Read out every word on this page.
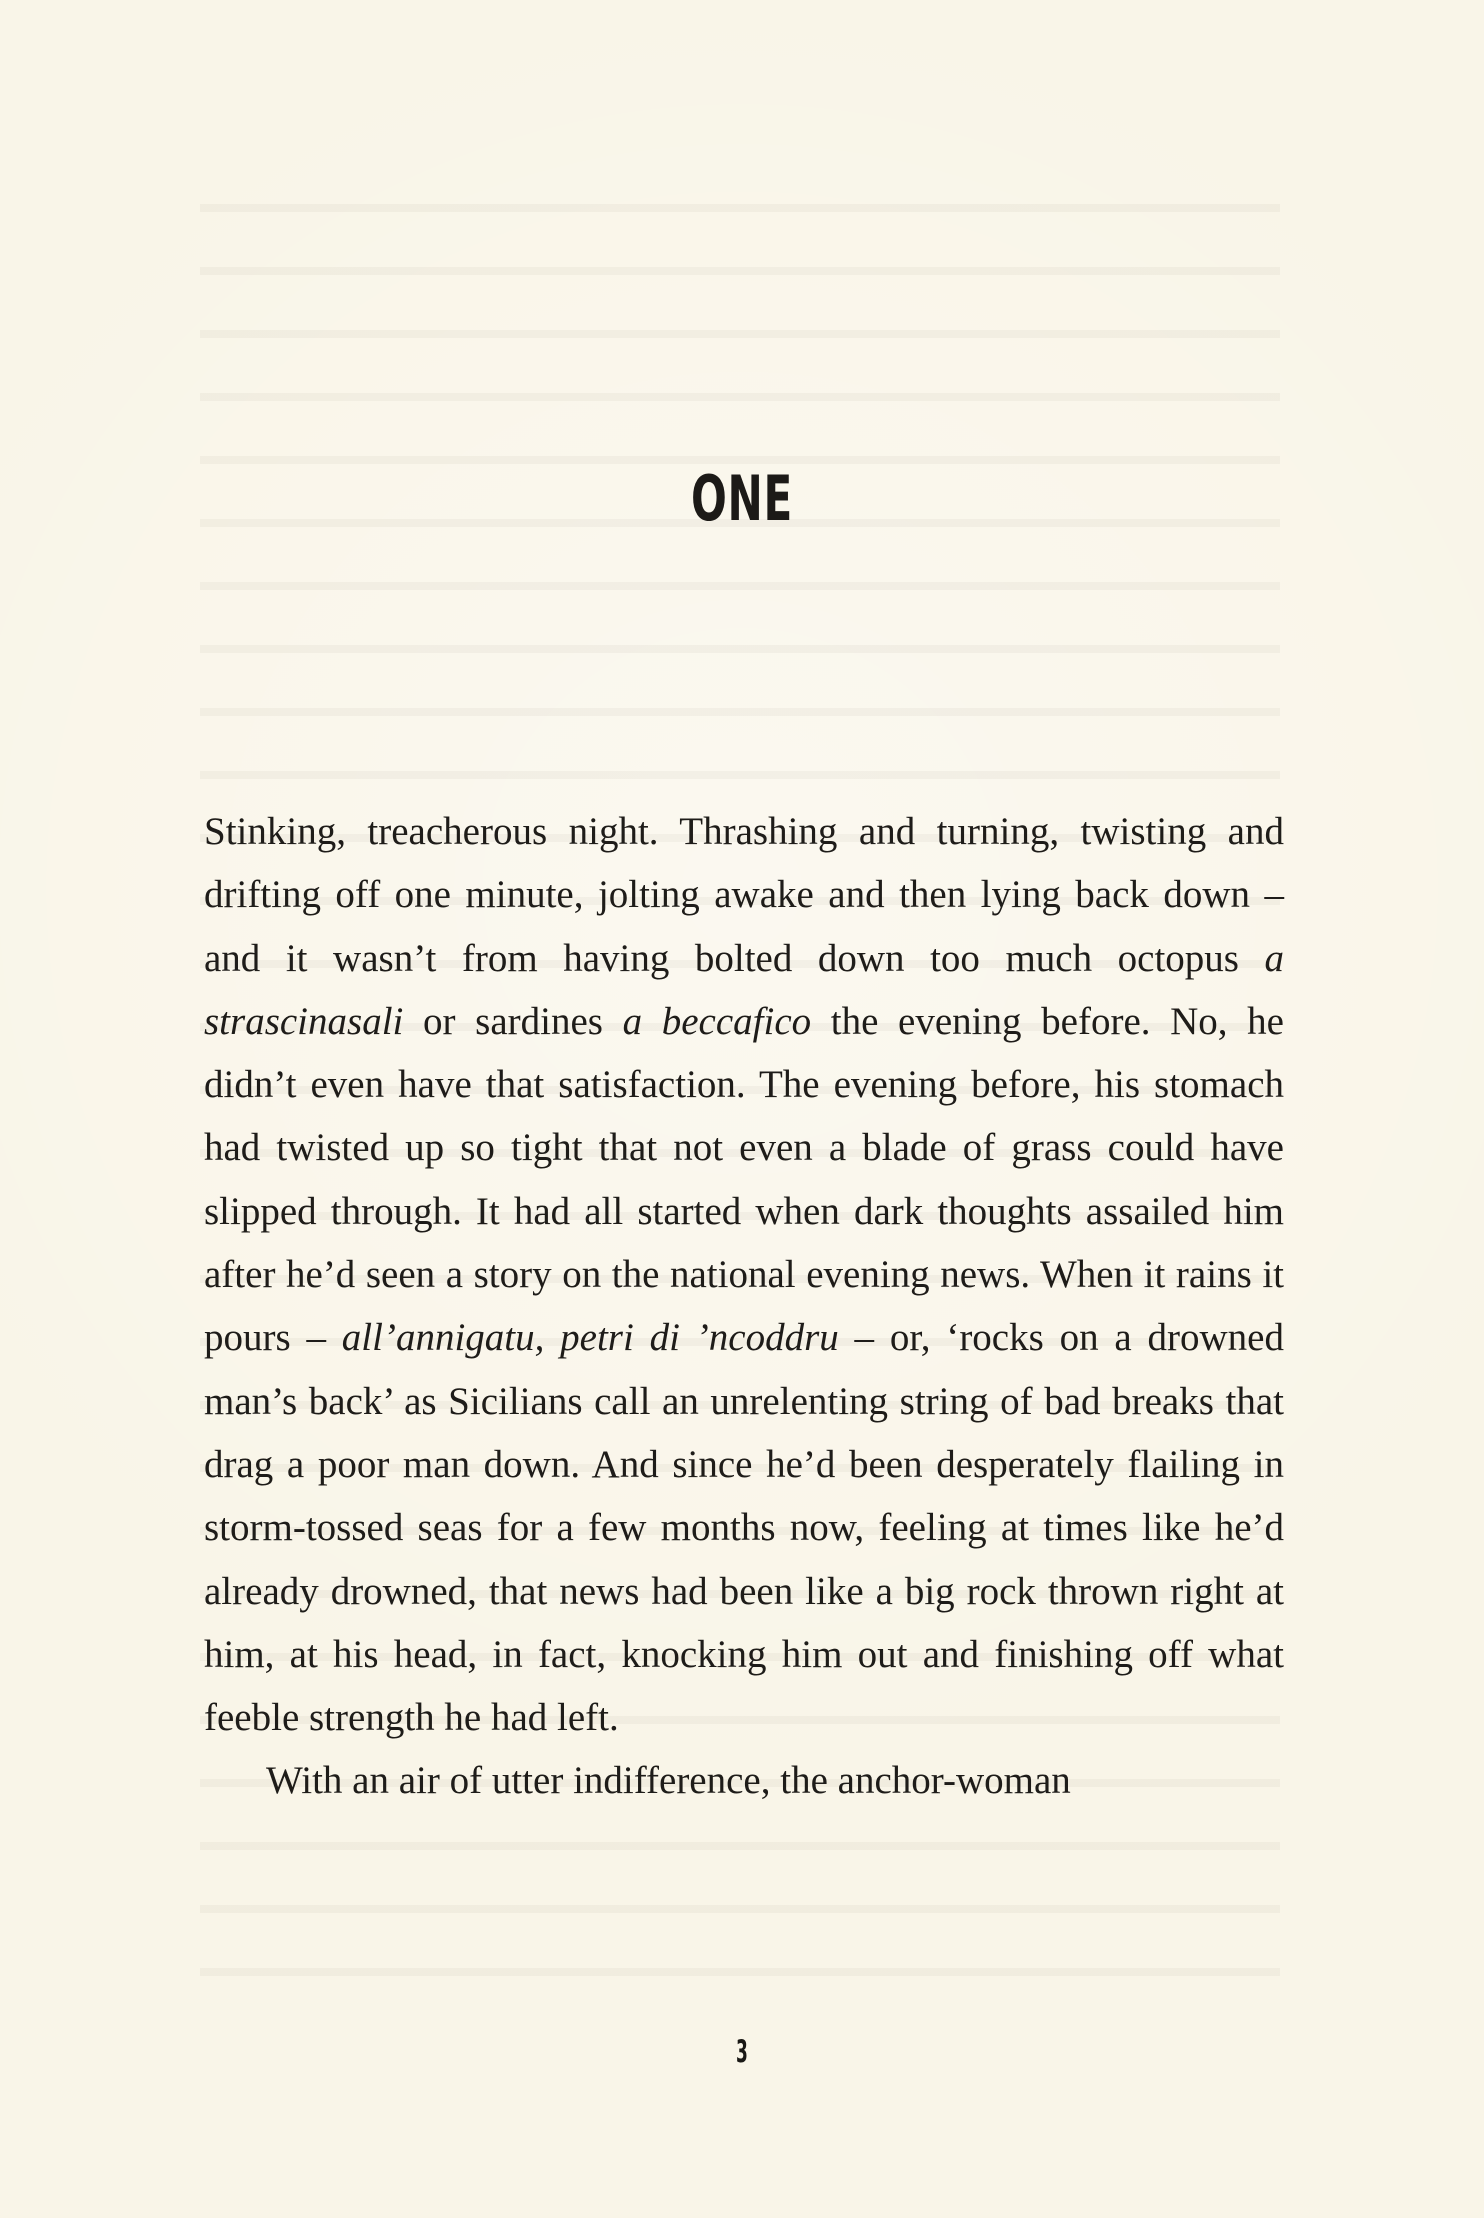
ONE

Stinking, treacherous night. Thrashing and turning, twisting and drifting off one minute, jolting awake and then lying back down – and it wasn’t from having bolted down too much octopus a strascinasali or sardines a beccafico the evening before. No, he didn’t even have that satisfaction. The evening before, his stomach had twisted up so tight that not even a blade of grass could have slipped through. It had all started when dark thoughts assailed him after he’d seen a story on the national evening news. When it rains it pours – all’annigatu, petri di ’ncoddru – or, ‘rocks on a drowned man’s back’ as Sicilians call an unrelenting string of bad breaks that drag a poor man down. And since he’d been desperately flailing in storm-tossed seas for a few months now, feeling at times like he’d already drowned, that news had been like a big rock thrown right at him, at his head, in fact, knocking him out and finishing off what feeble strength he had left.

With an air of utter indifference, the anchor-woman

3
